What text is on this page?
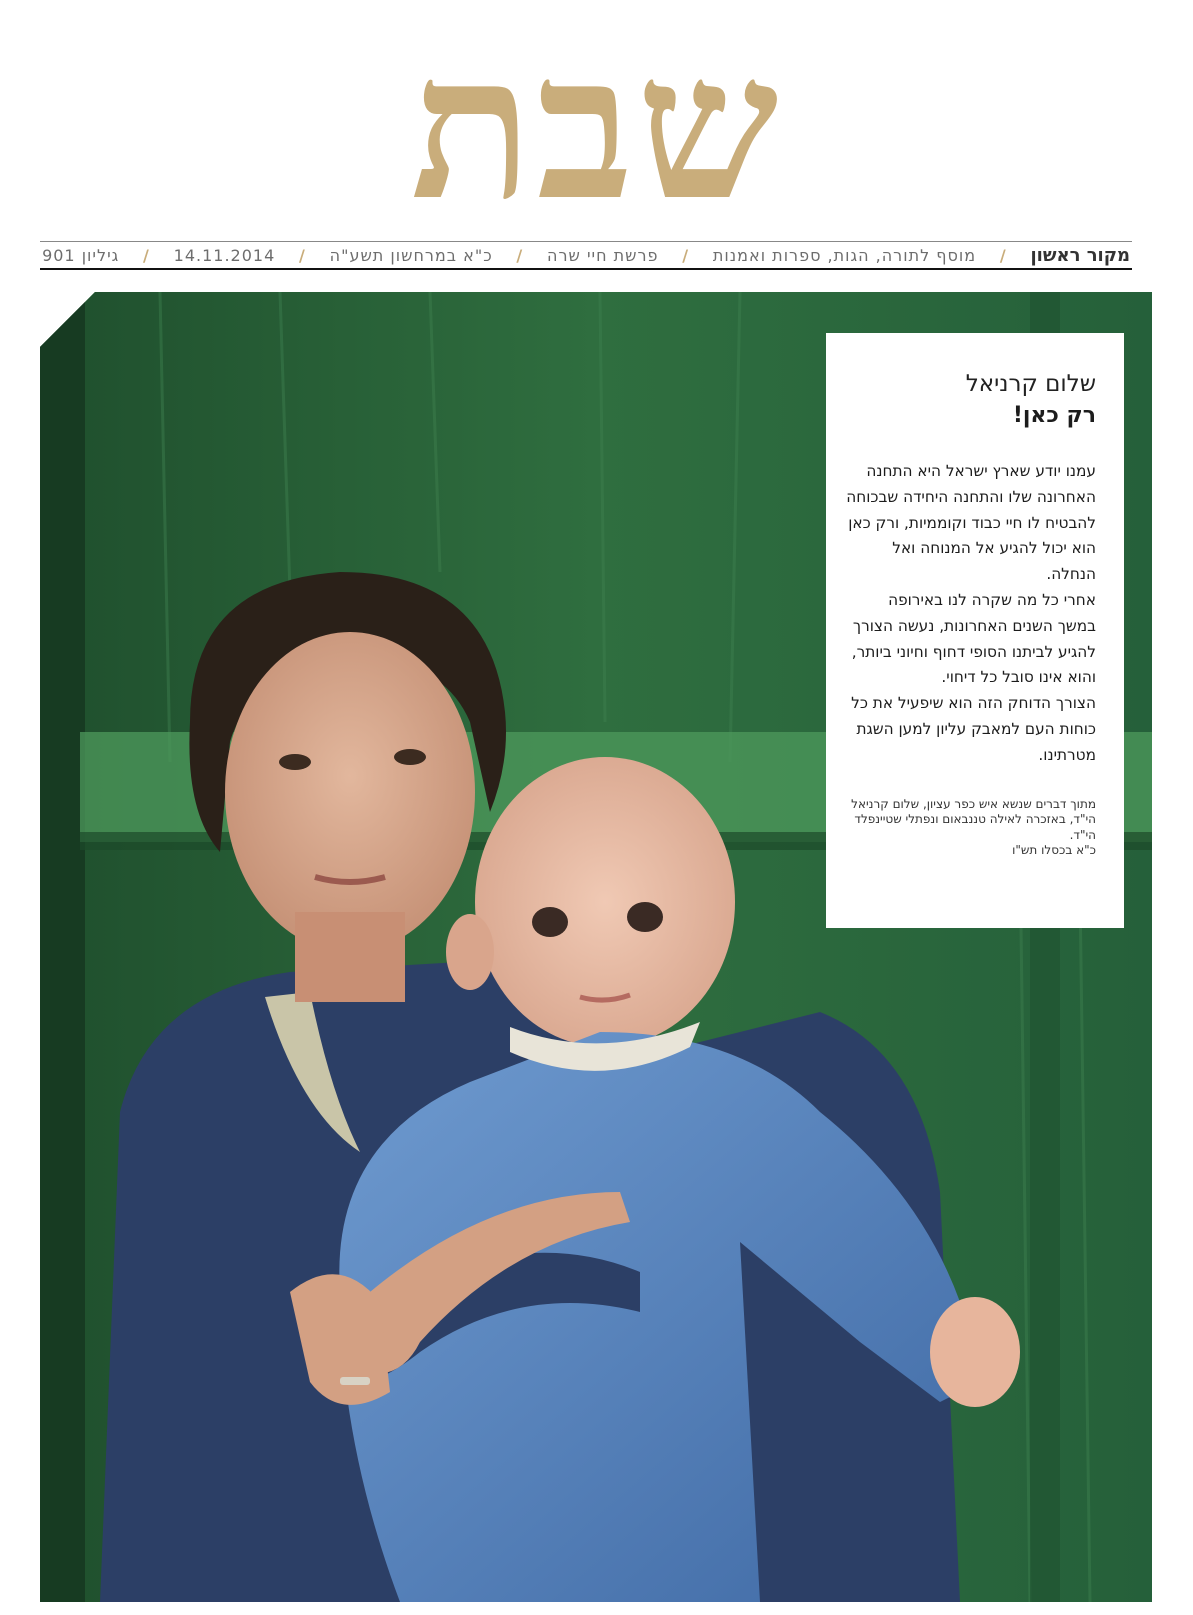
שבת
מקור ראשון
/
מוסף לתורה, הגות, ספרות ואמנות
/
פרשת חיי שרה
/
כ"א במרחשון תשע"ה
/
14.11.2014
/
גיליון 901
שלום קרניאל
רק כאן!
עמנו יודע שארץ ישראל היא התחנה האחרונה שלו והתחנה היחידה שבכוחה להבטיח לו חיי כבוד וקוממיות, ורק כאן הוא יכול להגיע אל המנוחה ואל הנחלה.
אחרי כל מה שקרה לנו באירופה במשך השנים האחרונות, נעשה הצורך להגיע לביתנו הסופי דחוף וחיוני ביותר, והוא אינו סובל כל דיחוי.
הצורך הדוחק הזה הוא שיפעיל את כל כוחות העם למאבק עליון למען השגת מטרתינו.
מתוך דברים שנשא איש כפר עציון, שלום קרניאל הי"ד, באזכרה לאילה טננבאום ונפתלי שטיינפלד הי"ד.
כ"א בכסלו תש"ו
